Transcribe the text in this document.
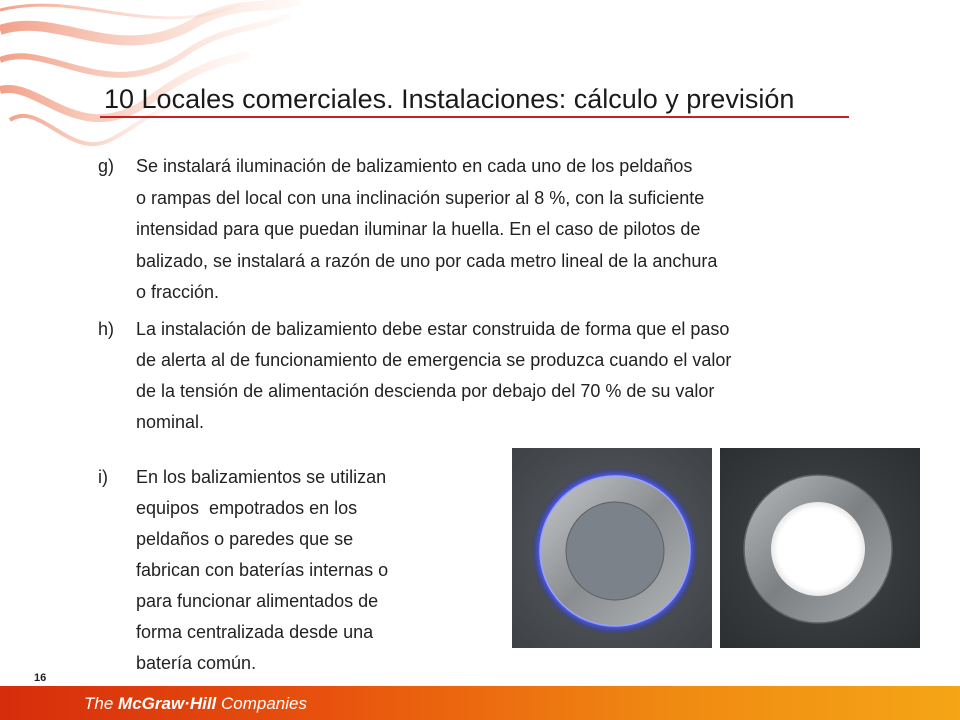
10 Locales comerciales. Instalaciones: cálculo y previsión
g) Se instalará iluminación de balizamiento en cada uno de los peldaños
o rampas del local con una inclinación superior al 8 %, con la suficiente
intensidad para que puedan iluminar la huella. En el caso de pilotos de
balizado, se instalará a razón de uno por cada metro lineal de la anchura
o fracción.
h) La instalación de balizamiento debe estar construida de forma que el paso
de alerta al de funcionamiento de emergencia se produzca cuando el valor
de la tensión de alimentación descienda por debajo del 70 % de su valor
nominal.
i) En los balizamientos se utilizan
equipos  empotrados en los
peldaños o paredes que se
fabrican con baterías internas o
para funcionar alimentados de
forma centralizada desde una
batería común.
16
The McGraw·Hill Companies
